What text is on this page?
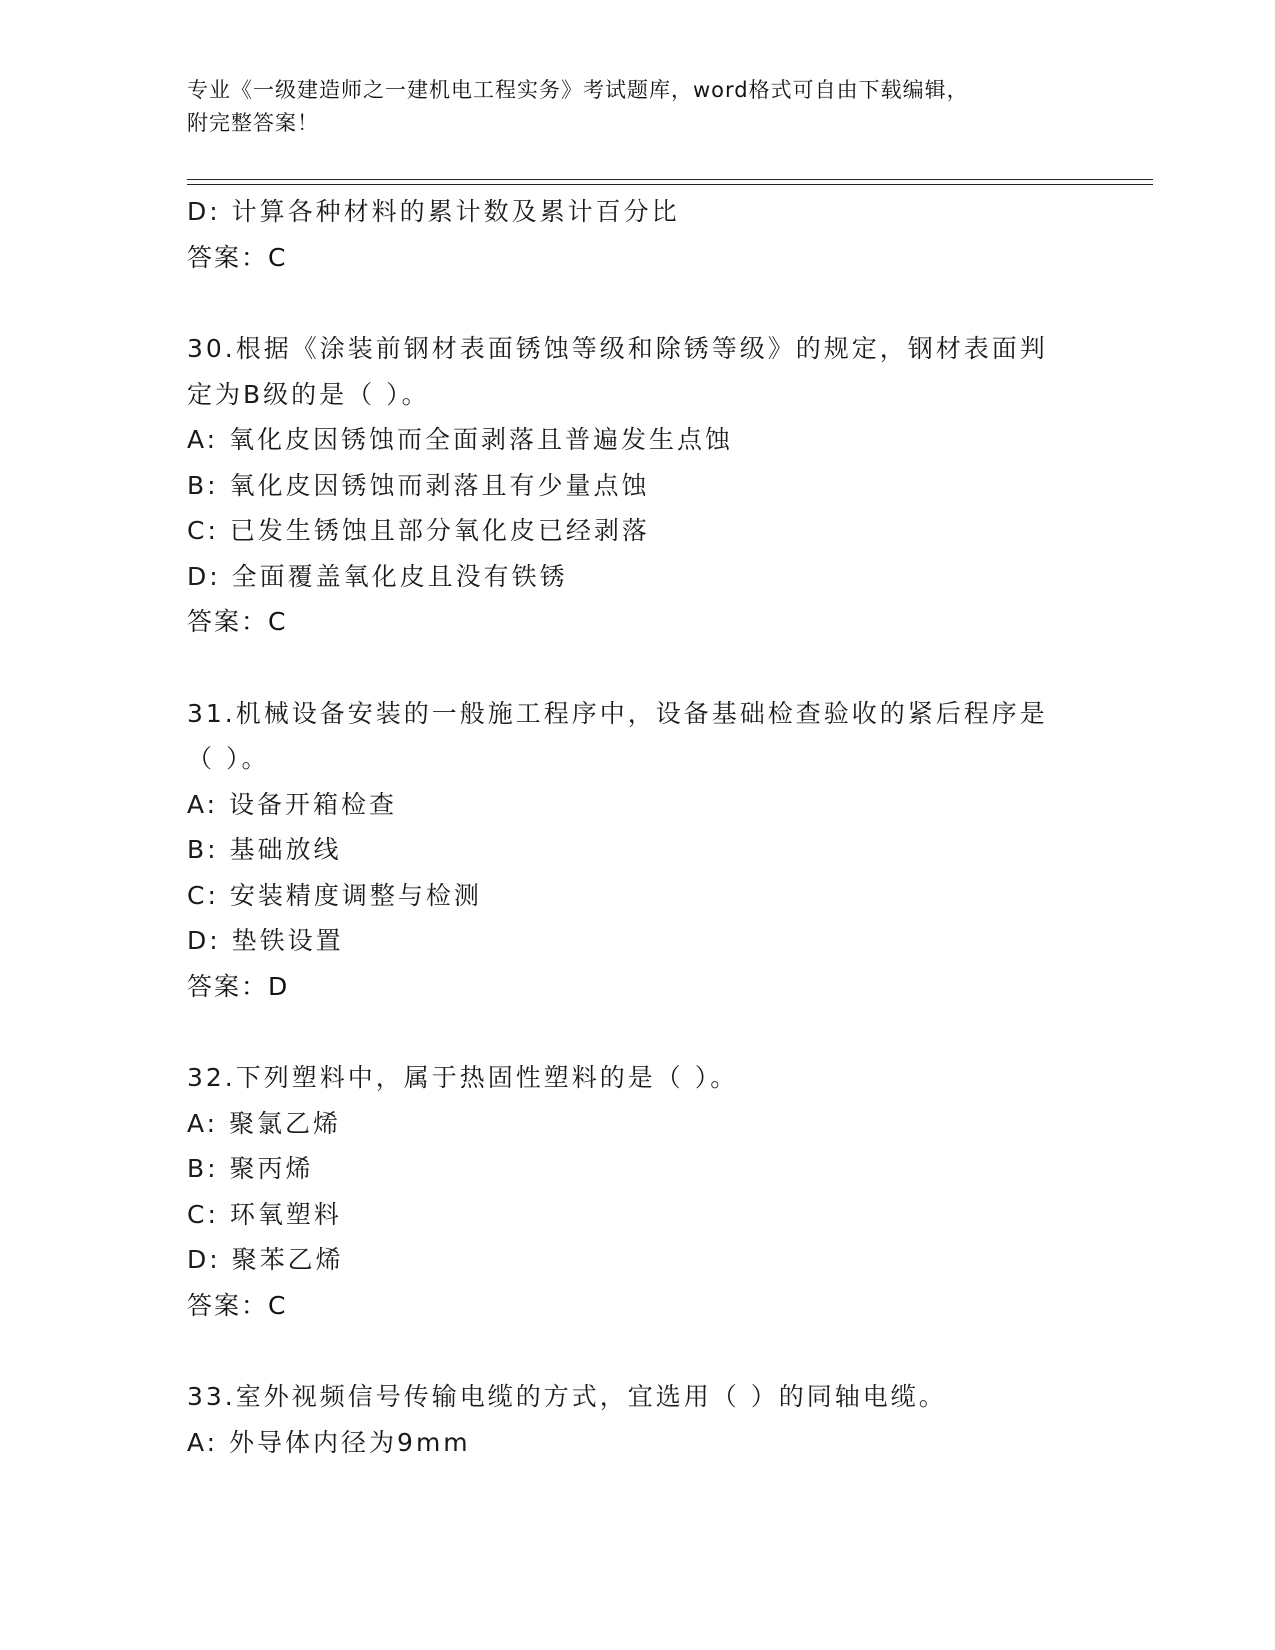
专业《一级建造师之一建机电工程实务》考试题库，word格式可自由下载编辑，

附完整答案！

D: 计算各种材料的累计数及累计百分比

答案：C

30.根据《涂装前钢材表面锈蚀等级和除锈等级》的规定，钢材表面判

定为B级的是（ ）。

A: 氧化皮因锈蚀而全面剥落且普遍发生点蚀

B: 氧化皮因锈蚀而剥落且有少量点蚀

C: 已发生锈蚀且部分氧化皮已经剥落

D: 全面覆盖氧化皮且没有铁锈

答案：C

31.机械设备安装的一般施工程序中，设备基础检查验收的紧后程序是

（ ）。

A: 设备开箱检查

B: 基础放线

C: 安装精度调整与检测

D: 垫铁设置

答案：D

32.下列塑料中，属于热固性塑料的是（ ）。

A: 聚氯乙烯

B: 聚丙烯

C: 环氧塑料

D: 聚苯乙烯

答案：C

33.室外视频信号传输电缆的方式，宜选用（ ）的同轴电缆。

A: 外导体内径为9mm
